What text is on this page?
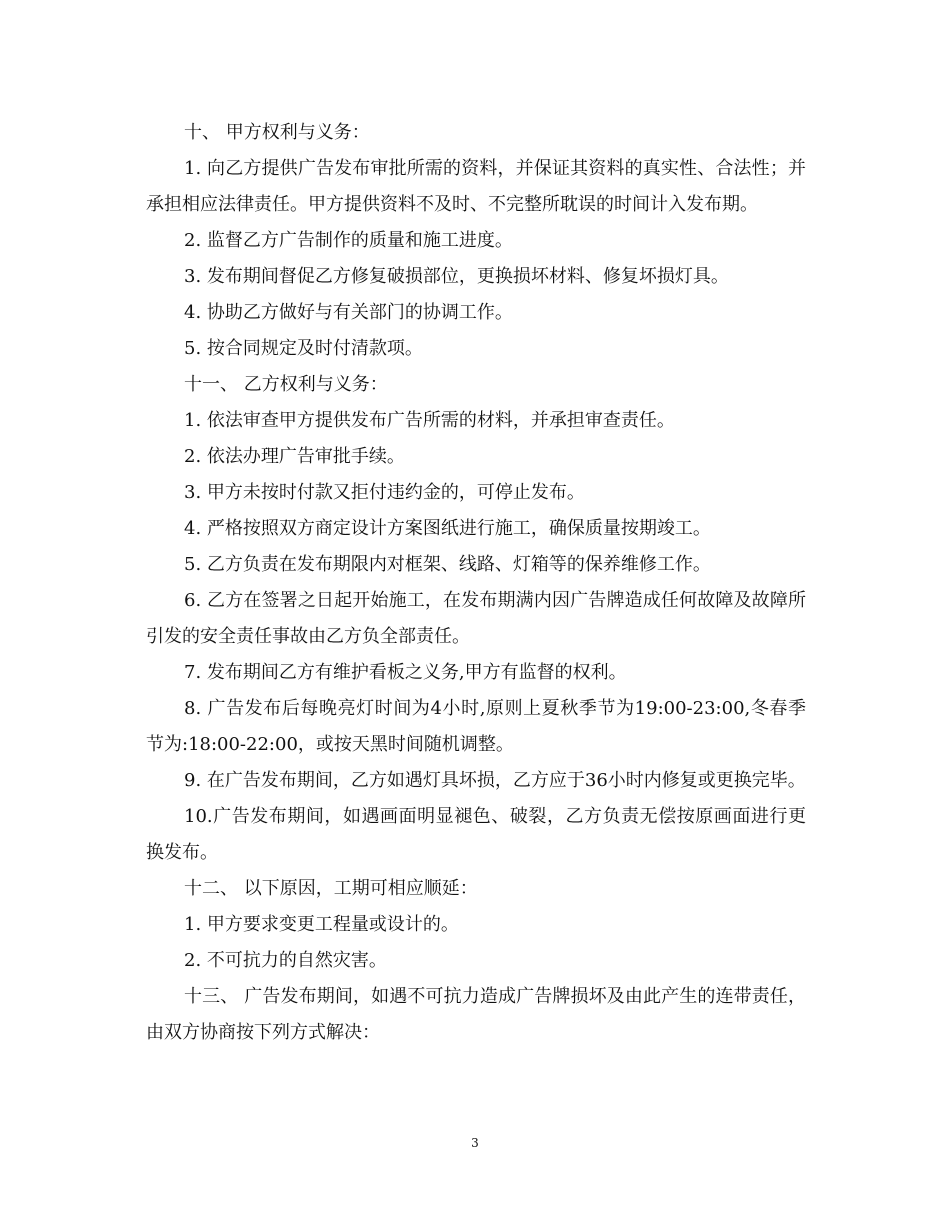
十、 甲方权利与义务：

1. 向乙方提供广告发布审批所需的资料，并保证其资料的真实性、合法性；并承担相应法律责任。甲方提供资料不及时、不完整所耽误的时间计入发布期。

2. 监督乙方广告制作的质量和施工进度。

3. 发布期间督促乙方修复破损部位，更换损坏材料、修复坏损灯具。

4. 协助乙方做好与有关部门的协调工作。

5. 按合同规定及时付清款项。

十一、 乙方权利与义务：

1. 依法审查甲方提供发布广告所需的材料，并承担审查责任。

2. 依法办理广告审批手续。

3. 甲方未按时付款又拒付违约金的，可停止发布。

4. 严格按照双方商定设计方案图纸进行施工，确保质量按期竣工。

5. 乙方负责在发布期限内对框架、线路、灯箱等的保养维修工作。

6. 乙方在签署之日起开始施工，在发布期满内因广告牌造成任何故障及故障所引发的安全责任事故由乙方负全部责任。

7. 发布期间乙方有维护看板之义务,甲方有监督的权利。

8. 广告发布后每晚亮灯时间为4小时,原则上夏秋季节为19:00-23:00,冬春季节为:18:00-22:00，或按天黑时间随机调整。

9. 在广告发布期间，乙方如遇灯具坏损，乙方应于36小时内修复或更换完毕。

10.广告发布期间，如遇画面明显褪色、破裂，乙方负责无偿按原画面进行更换发布。

十二、 以下原因，工期可相应顺延：

1. 甲方要求变更工程量或设计的。

2. 不可抗力的自然灾害。

十三、 广告发布期间，如遇不可抗力造成广告牌损坏及由此产生的连带责任，由双方协商按下列方式解决：

3
